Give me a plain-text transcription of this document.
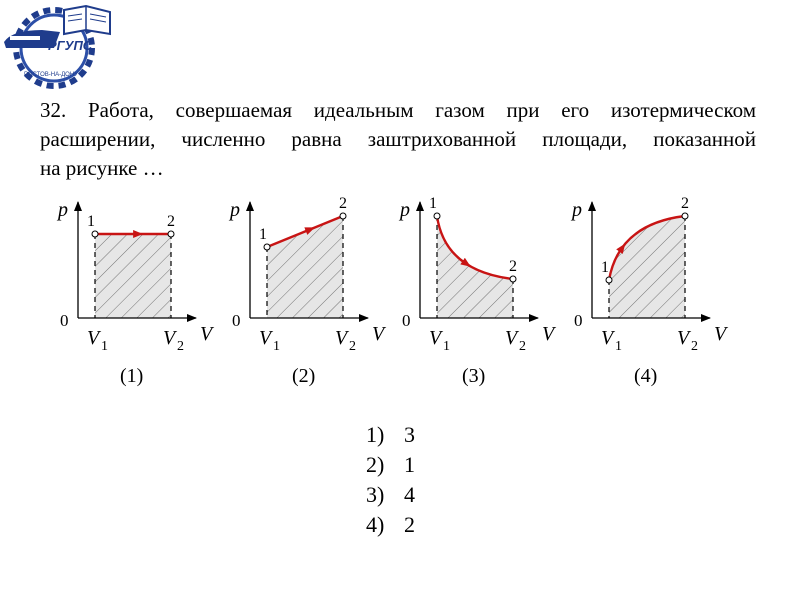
РГУПС
РОСТОВ-НА-ДОНУ

32. Работа, совершаемая идеальным газом при его изотермическом расширении, численно равна заштрихованной площади, показанной

на рисунке …
1	2
p
V
0
V 1	V 2
(1)
1
2
p
V
0
V 1	V 2
(2)
1
2
p
V
0
V 1	V 2
(3)
1
2
p
V
0
V 1	V 2
(4)
1) 3
2) 1
3) 4
4) 2
